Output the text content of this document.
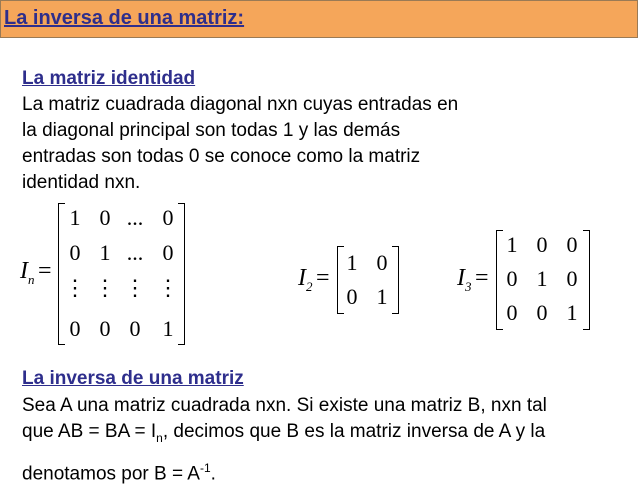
La inversa de una matriz:
La matriz identidad
La matriz cuadrada diagonal nxn cuyas entradas en
la diagonal principal son todas 1 y las demás
entradas son todas 0 se conoce como la matriz
identidad nxn.
$I_n$ =
1 0 ... 0
0 1 ... 0
⋮ ⋮ ⋮ ⋮
0 0 0	1
$I_2$ =
1 0
0 1
$I_3$ =
1 0 0
0 1 0
0 0 1
La inversa de una matriz
Sea A una matriz cuadrada nxn. Si existe una matriz B, nxn tal
que AB = BA = $I_n$, decimos que B es la matriz inversa de A y la
denotamos por $B = A^{-1}$.
